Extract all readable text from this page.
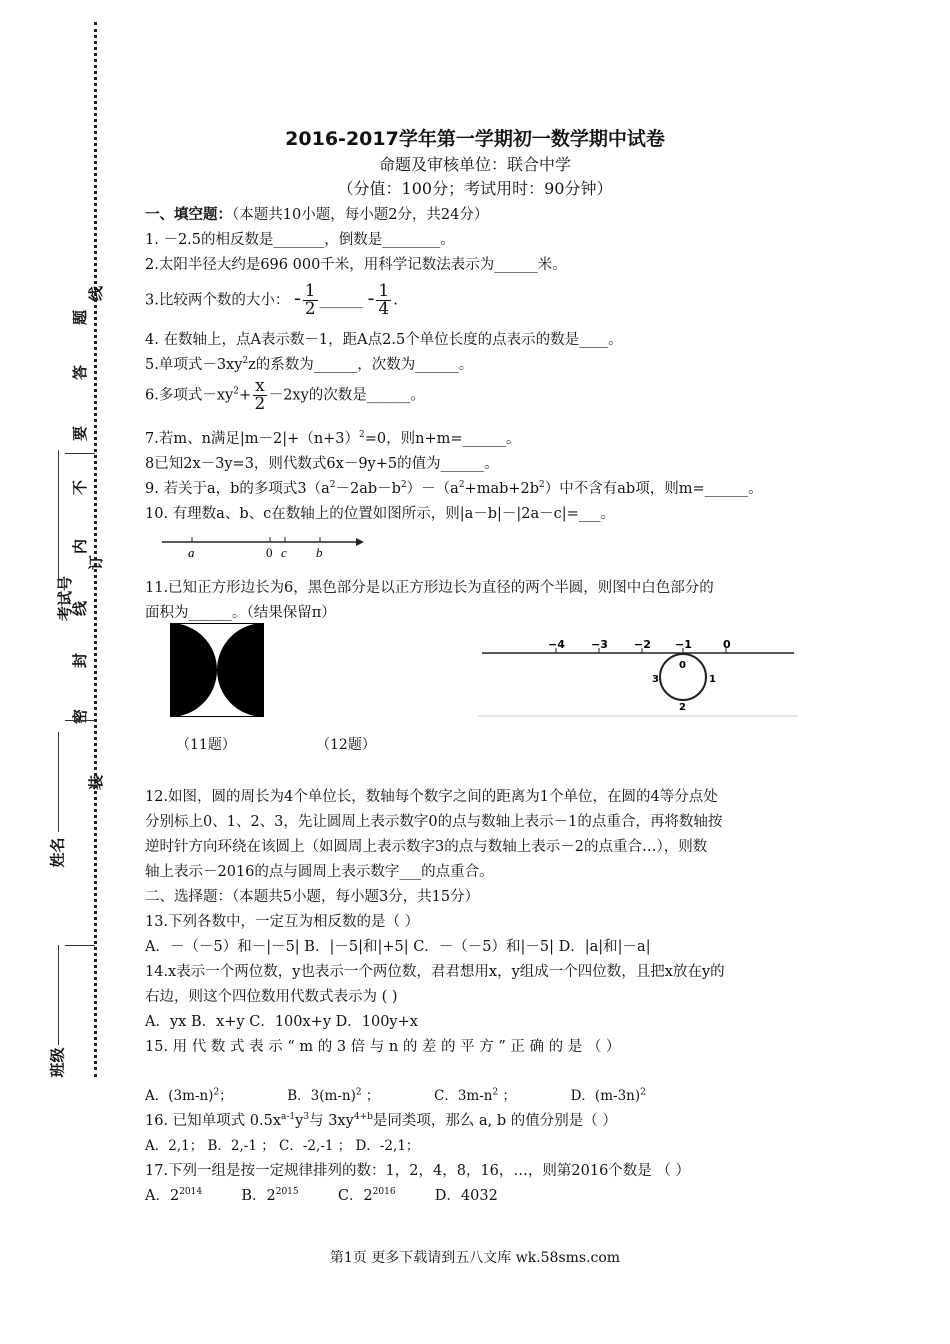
线
题
答
要
不
内
订
考试号
线
封
密
装
姓名
班级
2016-2017学年第一学期初一数学期中试卷
命题及审核单位：联合中学
（分值：100分；考试用时：90分钟）
一、填空题：（本题共10小题，每小题2分，共24分）
1. －2.5的相反数是_______，倒数是________。
2.太阳半径大约是696 000千米，用科学记数法表示为______米。
3.比较两个数的大小： - $\frac{1}{2}$ ______ - $\frac{1}{4}$ .
4. 在数轴上，点A表示数－1，距A点2.5个单位长度的点表示的数是____。
5.单项式$-3xy^2z$的系数为______，次数为______。
6.多项式$-xy^2+ \frac{x}{2} -2xy$的次数是______。
7.若m、n满足$|m-2|+(n+3)^2=0$，则n+m=______。
8已知2x－3y=3，则代数式6x－9y+5的值为______。
9. 若关于a，b的多项式$3(a^2-2ab-b^2)-(a^2+mab+2b^2)$中不含有ab项，则m=______。
10. 有理数a、b、c在数轴上的位置如图所示，则|a－b|－|2a－c|=___。
a	0 c b
11.已知正方形边长为6，黑色部分是以正方形边长为直径的两个半圆，则图中白色部分的
面积为______。（结果保留π）
−4 −3 −2 −1	0
0
1
2
3
（11题）	（12题）
12.如图，圆的周长为4个单位长，数轴每个数字之间的距离为1个单位，在圆的4等分点处
分别标上0、1、2、3，先让圆周上表示数字0的点与数轴上表示－1的点重合，再将数轴按
逆时针方向环绕在该圆上（如圆周上表示数字3的点与数轴上表示－2的点重合…），则数
轴上表示－2016的点与圆周上表示数字___的点重合。
二、选择题：（本题共5小题，每小题3分，共15分）
13.下列各数中，一定互为相反数的是（ ）
A．－（－5）和－|－5| B．|－5|和|+5| C．－（－5）和|－5| D．|a|和|－a|
14.x表示一个两位数，y也表示一个两位数，君君想用x，y组成一个四位数，且把x放在y的
右边，则这个四位数用代数式表示为 ( )
A．yx B．x+y C．100x+y D．100y+x
15. 用 代 数 式 表 示 “ m 的 3 倍 与 n 的 差 的 平 方 ” 正 确 的 是 （ ）
A．$(3m-n)^2$；	B．$3(m-n)^2$ ；	C．$3m-n^2$ ；	D．$(m-3n)^2$
16. 已知单项式 $0.5x^{a-1}y^3$与 $3xy^{4+b}$是同类项，那么 a, b 的值分别是（ ）
A．2,1； B．2,-1 ； C．-2,-1 ； D．-2,1；
17.下列一组是按一定规律排列的数：1，2，4，8，16，…，则第2016个数是 （ ）
A．$2^{2014}$	B．$2^{2015}$	C．$2^{2016}$	D．4032
第1页 更多下载请到五八文库 wk.58sms.com
